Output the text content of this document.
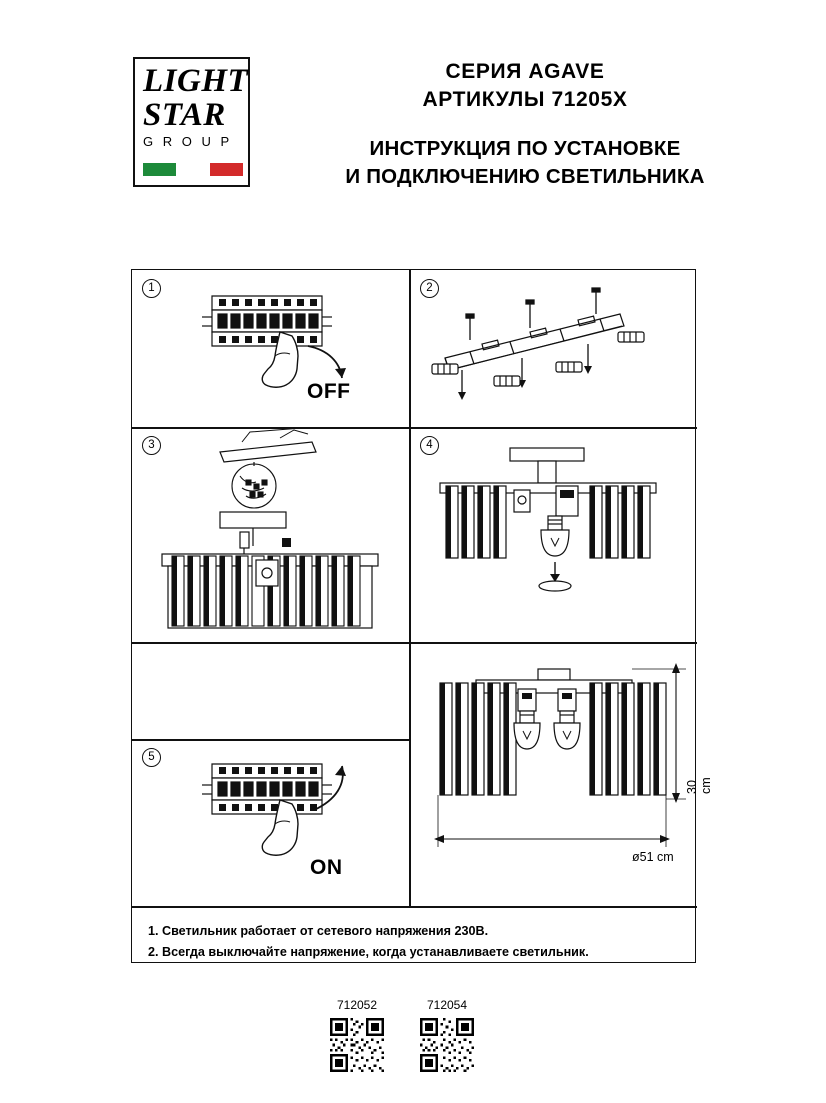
LIGHT
STAR
G R O U P
СЕРИЯ AGAVE
АРТИКУЛЫ 71205X
ИНСТРУКЦИЯ ПО УСТАНОВКЕ
И ПОДКЛЮЧЕНИЮ СВЕТИЛЬНИКА
1
OFF
2
3	4
5
ON
30 cm
ø51 cm
1. Светильник работает от сетевого напряжения 230В.
2. Всегда выключайте напряжение, когда устанавливаете светильник.
712052	712054
